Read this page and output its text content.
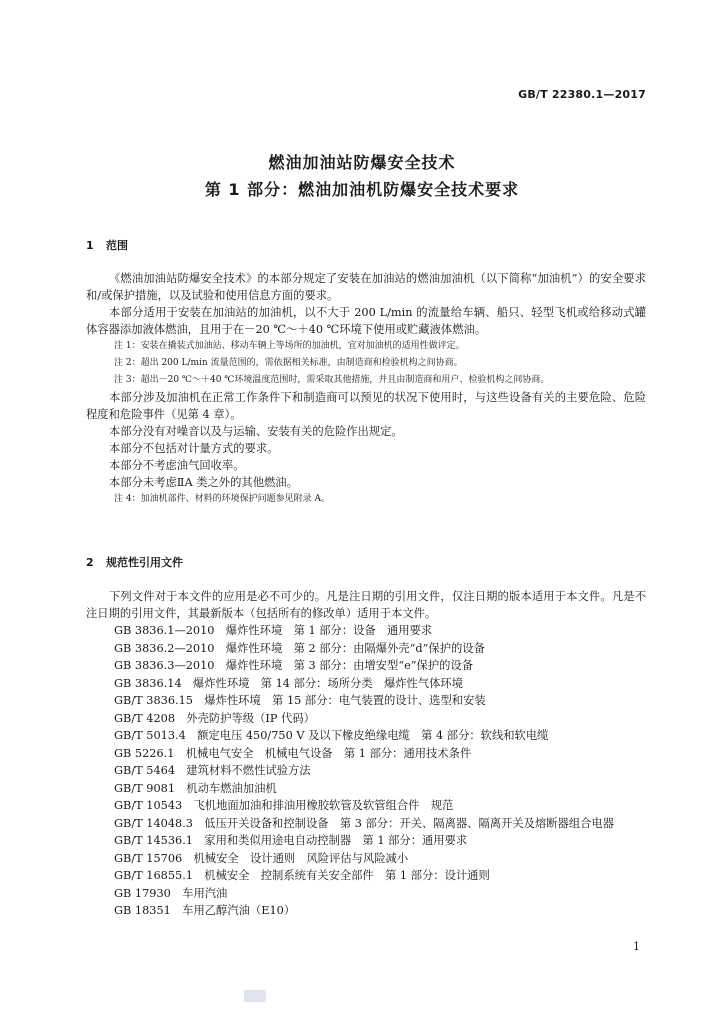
GB/T 22380.1—2017
燃油加油站防爆安全技术
第 1 部分：燃油加油机防爆安全技术要求
1 范围
《燃油加油站防爆安全技术》的本部分规定了安装在加油站的燃油加油机（以下简称“加油机”）的安全要求和/或保护措施，以及试验和使用信息方面的要求。
本部分适用于安装在加油站的加油机，以不大于 200 L/min 的流量给车辆、船只、轻型飞机或给移动式罐体容器添加液体燃油，且用于在－20 ℃～＋40 ℃环境下使用或贮藏液体燃油。
注 1：安装在撬装式加油站、移动车辆上等场所的加油机，宜对加油机的适用性做评定。
注 2：超出 200 L/min 流量范围的，需依据相关标准，由制造商和检验机构之间协商。
注 3：超出－20 ℃～＋40 ℃环境温度范围时，需采取其他措施，并且由制造商和用户、检验机构之间协商。
本部分涉及加油机在正常工作条件下和制造商可以预见的状况下使用时，与这些设备有关的主要危险、危险程度和危险事件（见第 4 章）。
本部分没有对噪音以及与运输、安装有关的危险作出规定。
本部分不包括对计量方式的要求。
本部分不考虑油气回收率。
本部分未考虑ⅡA 类之外的其他燃油。
注 4：加油机部件、材料的环境保护问题参见附录 A。
2 规范性引用文件
下列文件对于本文件的应用是必不可少的。凡是注日期的引用文件，仅注日期的版本适用于本文件。凡是不注日期的引用文件，其最新版本（包括所有的修改单）适用于本文件。
GB 3836.1—2010　爆炸性环境　第 1 部分：设备　通用要求
GB 3836.2—2010　爆炸性环境　第 2 部分：由隔爆外壳“d”保护的设备
GB 3836.3—2010　爆炸性环境　第 3 部分：由增安型“e”保护的设备
GB 3836.14　爆炸性环境　第 14 部分：场所分类　爆炸性气体环境
GB/T 3836.15　爆炸性环境　第 15 部分：电气装置的设计、选型和安装
GB/T 4208　外壳防护等级（IP 代码）
GB/T 5013.4　额定电压 450/750 V 及以下橡皮绝缘电缆　第 4 部分：软线和软电缆
GB 5226.1　机械电气安全　机械电气设备　第 1 部分：通用技术条件
GB/T 5464　建筑材料不燃性试验方法
GB/T 9081　机动车燃油加油机
GB/T 10543　飞机地面加油和排油用橡胶软管及软管组合件　规范
GB/T 14048.3　低压开关设备和控制设备　第 3 部分：开关、隔离器、隔离开关及熔断器组合电器
GB/T 14536.1　家用和类似用途电自动控制器　第 1 部分：通用要求
GB/T 15706　机械安全　设计通则　风险评估与风险减小
GB/T 16855.1　机械安全　控制系统有关安全部件　第 1 部分：设计通则
GB 17930　车用汽油
GB 18351　车用乙醇汽油（E10）
1
